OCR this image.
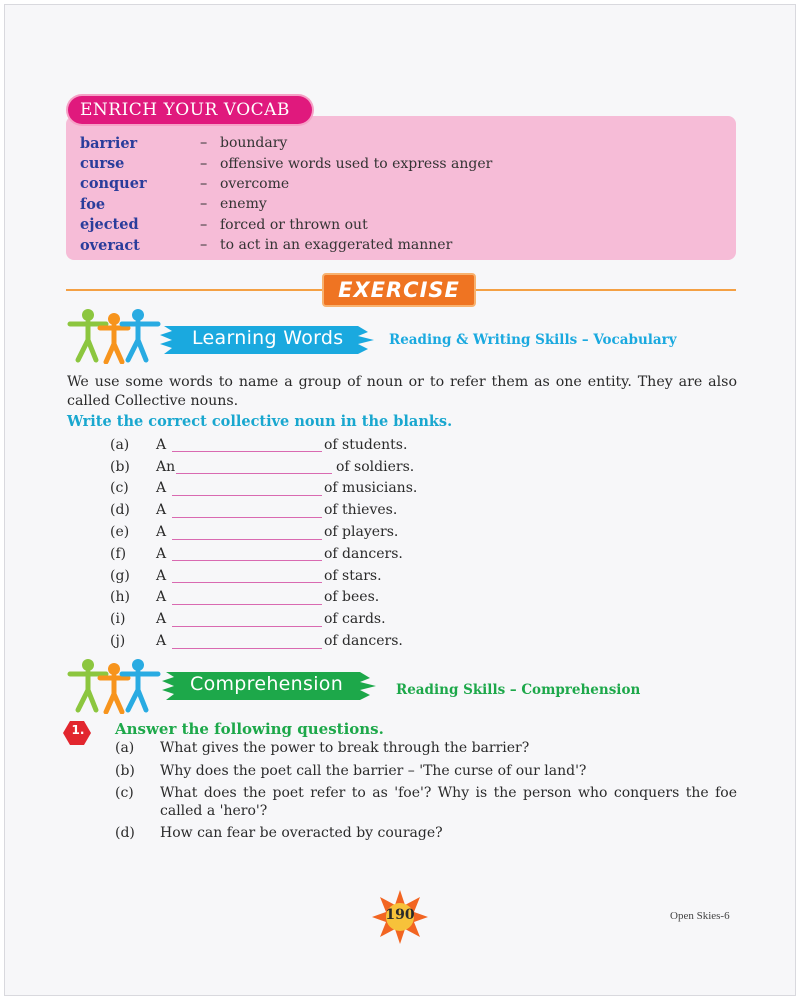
ENRICH YOUR VOCAB
barrier	– boundary
curse	– offensive words used to express anger
conquer	– overcome
foe	– enemy
ejected	– forced or thrown out
overact	– to act in an exaggerated manner
EXERCISE
Learning Words	Reading & Writing Skills – Vocabulary

We use some words to name a group of noun or to refer them as one entity. They are also called Collective nouns.

Write the correct collective noun in the blanks.
(a)	A	of students.
(b)	An	of soldiers.
(c)	A	of musicians.
(d)	A	of thieves.
(e)	A	of players.
(f)	A	of dancers.
(g)	A	of stars.
(h)	A	of bees.
(i)	A	of cards.
(j)	A	of dancers.
Comprehension	Reading Skills – Comprehension
1. Answer the following questions.
(a)	What gives the power to break through the barrier?
(b)	Why does the poet call the barrier – 'The curse of our land'?
(c)	What does the poet refer to as 'foe'? Why is the person who conquers the foe called a 'hero'?
(d)	How can fear be overacted by courage?
190	Open Skies-6
